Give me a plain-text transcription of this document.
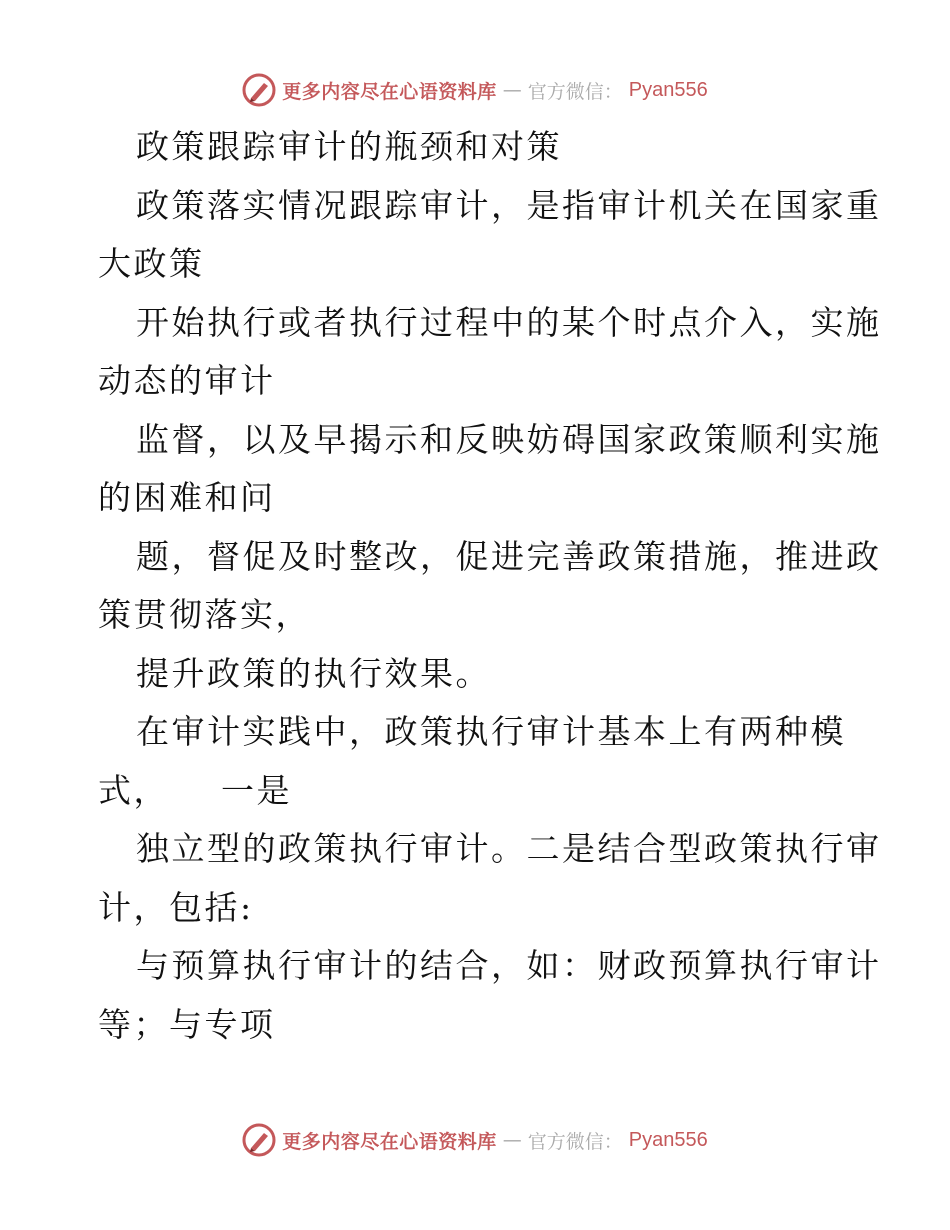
更多内容尽在心语资料库 — 官方微信： Pyan556
政策跟踪审计的瓶颈和对策
政策落实情况跟踪审计，是指审计机关在国家重
大政策
开始执行或者执行过程中的某个时点介入，实施
动态的审计
监督，以及早揭示和反映妨碍国家政策顺利实施
的困难和问
题，督促及时整改，促进完善政策措施，推进政
策贯彻落实，
提升政策的执行效果。
在审计实践中，政策执行审计基本上有两种模
式，    一是
独立型的政策执行审计。二是结合型政策执行审
计，包括:
与预算执行审计的结合，如：财政预算执行审计
等；与专项
更多内容尽在心语资料库 — 官方微信： Pyan556
